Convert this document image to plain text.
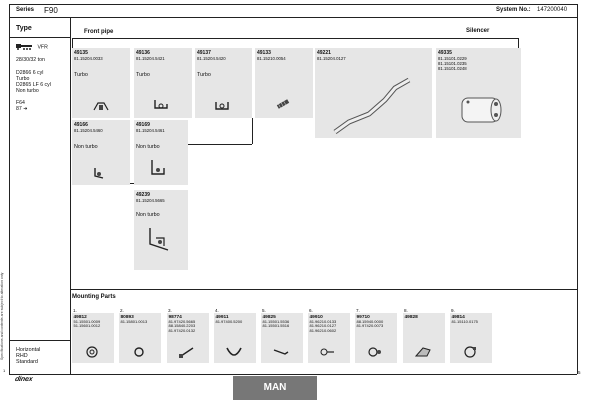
Specifications and contents are subject to alteration only
Series F90	System No.: 147200040
Type
VFR
28/30/32 ton
D2866 6 cyl
Turbo
D2865 LF 6 cyl
Non turbo
F64
87 ➜
Front pipe	Silencer
49135
81.15204.0033
Turbo
49136
81.15204.5421
Turbo
49137
81.15204.5420
Turbo
49133
81.15210.0054
49221
81.15204.0127
49335
81.15101.0229
81.15101.0235
81.15101.0248
49166
81.15204.5460
Non turbo
49169
81.15204.5461
Non turbo
49239
81.15204.5665
Non turbo
Mounting Parts
1.
49812
51.15501.0009
51.15601.0012
2.
80893
81.15801.0013
3.
98774
81.97420.5665
88.15840.2203
81.97420.0132
4.
49911
81.97400.5200
5.
49825
81.15501.5536
81.15501.5516
6.
49910
81.96210.0133
81.96210.0127
81.96210.0602
7.
99710
88.15940.0000
81.97420.0073
8.
49828
9.
49814
81.15110.0175
Horizontal
RHD
Standard
1
dinex
MAN
5
